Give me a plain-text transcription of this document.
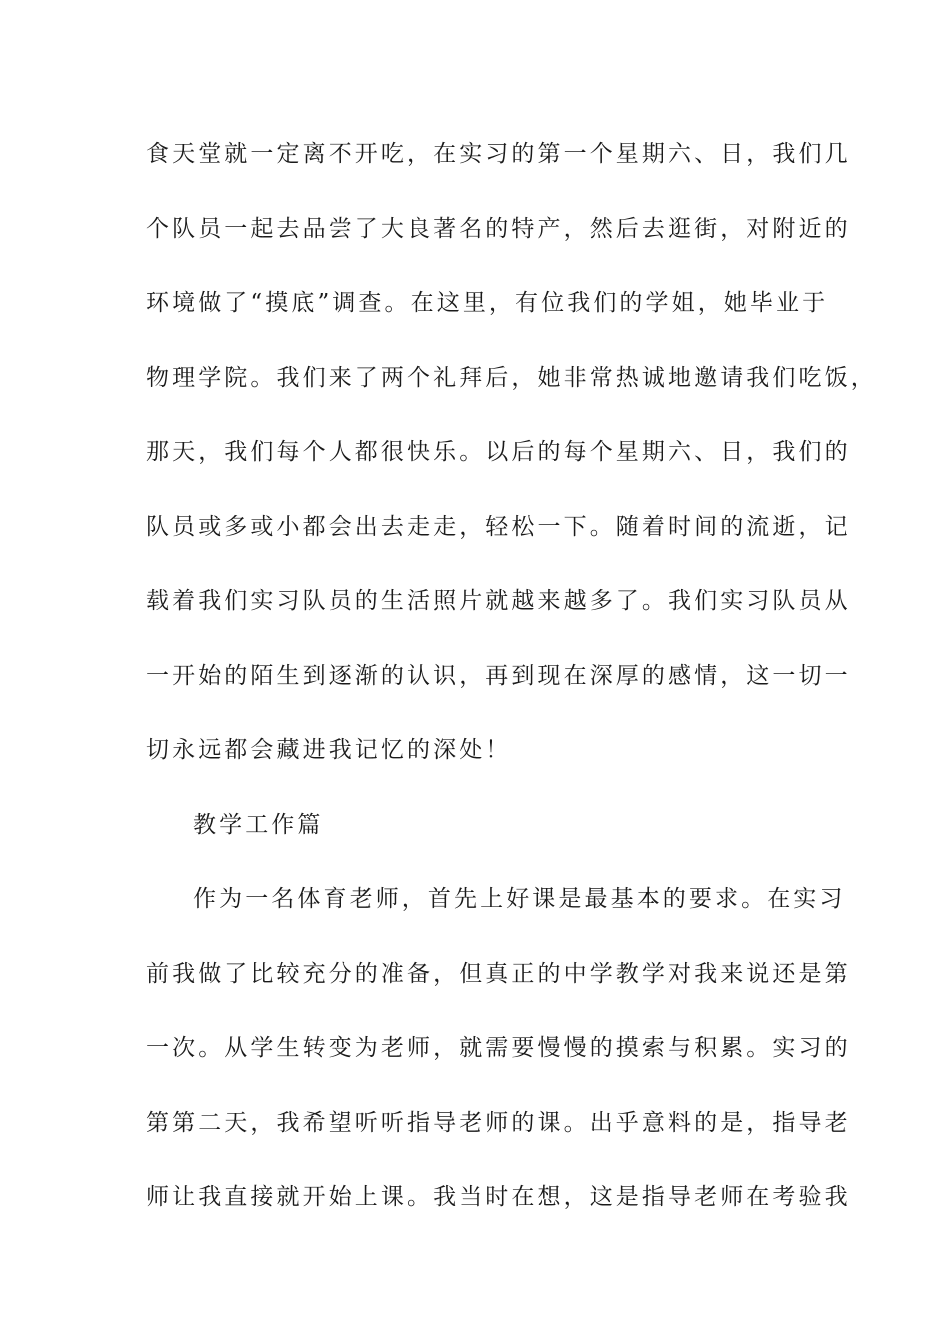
食天堂就一定离不开吃，在实习的第一个星期六、日，我们几
个队员一起去品尝了大良著名的特产，然后去逛街，对附近的
环境做了“摸底”调查。在这里，有位我们的学姐，她毕业于
物理学院。我们来了两个礼拜后，她非常热诚地邀请我们吃饭，
那天，我们每个人都很快乐。以后的每个星期六、日，我们的
队员或多或小都会出去走走，轻松一下。随着时间的流逝，记
载着我们实习队员的生活照片就越来越多了。我们实习队员从
一开始的陌生到逐渐的认识，再到现在深厚的感情，这一切一
切永远都会藏进我记忆的深处！
教学工作篇
作为一名体育老师，首先上好课是最基本的要求。在实习
前我做了比较充分的准备，但真正的中学教学对我来说还是第
一次。从学生转变为老师，就需要慢慢的摸索与积累。实习的
第第二天，我希望听听指导老师的课。出乎意料的是，指导老
师让我直接就开始上课。我当时在想，这是指导老师在考验我
